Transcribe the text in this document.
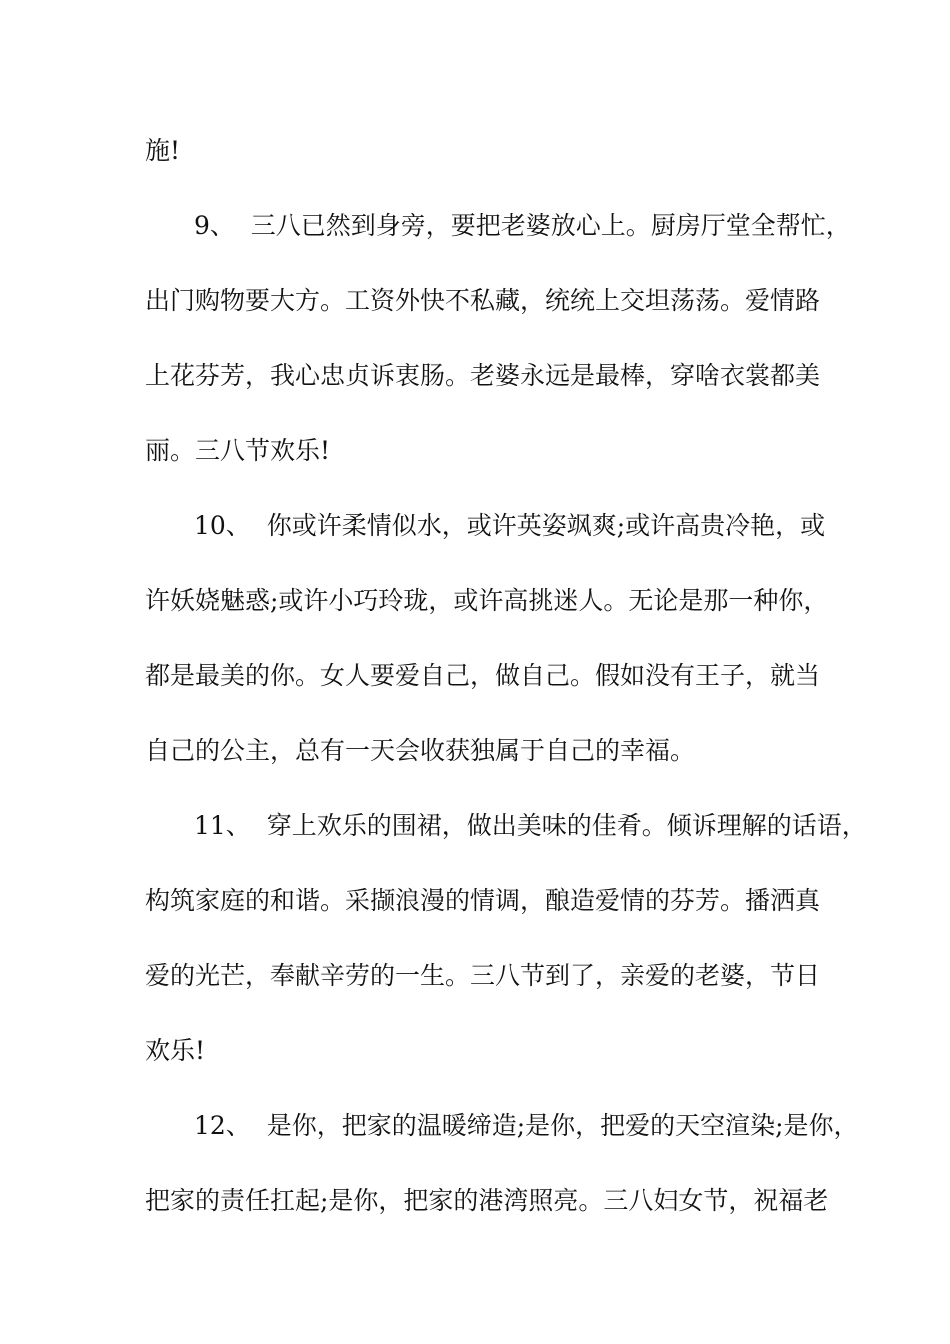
施!
9、  三八已然到身旁，要把老婆放心上。厨房厅堂全帮忙，
出门购物要大方。工资外快不私藏，统统上交坦荡荡。爱情路
上花芬芳，我心忠贞诉衷肠。老婆永远是最棒，穿啥衣裳都美
丽。三八节欢乐!
10、  你或许柔情似水，或许英姿飒爽;或许高贵冷艳，或
许妖娆魅惑;或许小巧玲珑，或许高挑迷人。无论是那一种你，
都是最美的你。女人要爱自己，做自己。假如没有王子，就当
自己的公主，总有一天会收获独属于自己的幸福。
11、  穿上欢乐的围裙，做出美味的佳肴。倾诉理解的话语，
构筑家庭的和谐。采撷浪漫的情调，酿造爱情的芬芳。播洒真
爱的光芒，奉献辛劳的一生。三八节到了，亲爱的老婆，节日
欢乐!
12、  是你，把家的温暖缔造;是你，把爱的天空渲染;是你，
把家的责任扛起;是你，把家的港湾照亮。三八妇女节，祝福老
